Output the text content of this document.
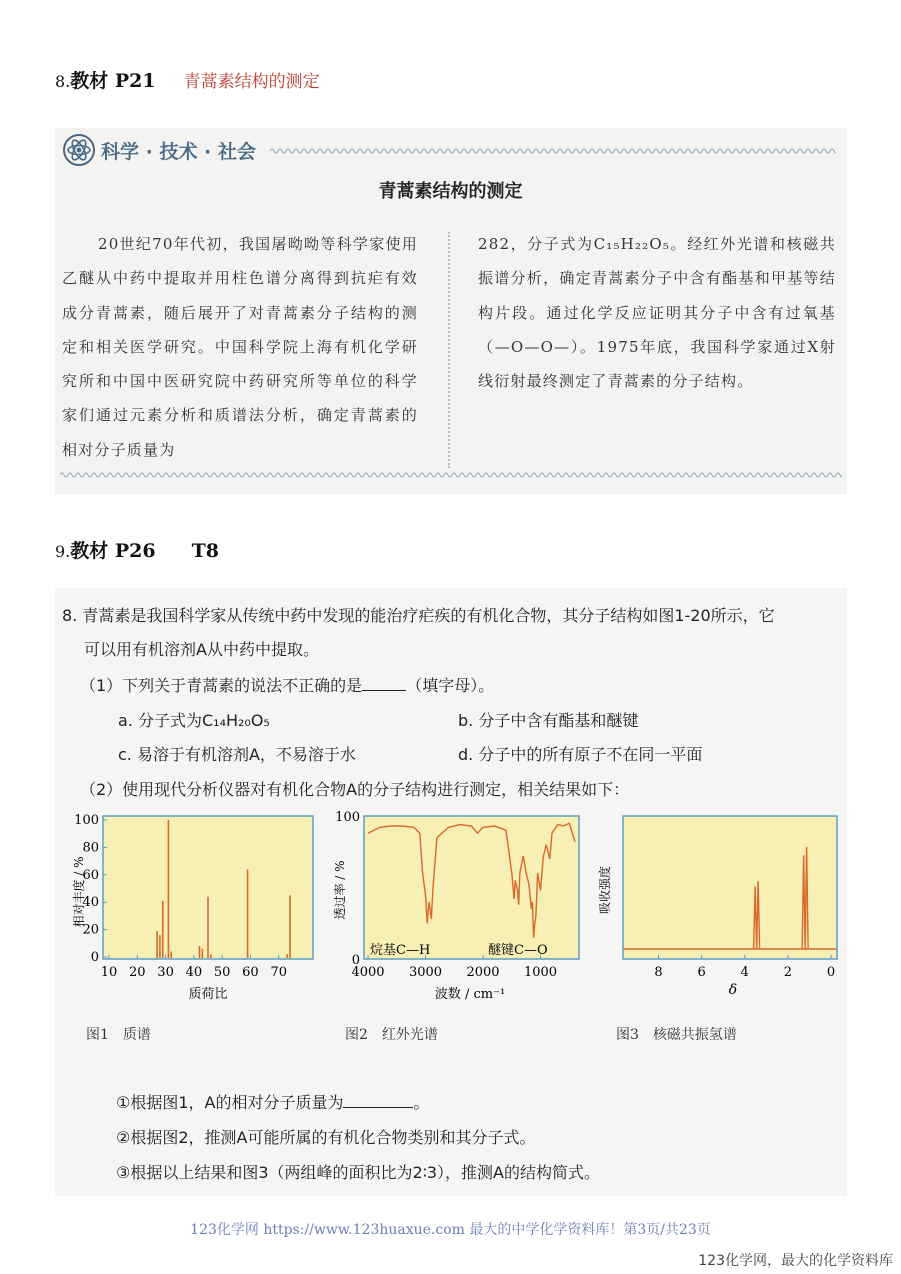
8.教材 P21 青蒿素结构的测定
科学 · 技术 · 社会
青蒿素结构的测定
20世纪70年代初，我国屠呦呦等科学家使用乙醚从中药中提取并用柱色谱分离得到抗疟有效成分青蒿素，随后展开了对青蒿素分子结构的测定和相关医学研究。中国科学院上海有机化学研究所和中国中医研究院中药研究所等单位的科学家们通过元素分析和质谱法分析，确定青蒿素的相对分子质量为
282，分子式为C₁₅H₂₂O₅。经红外光谱和核磁共振谱分析，确定青蒿素分子中含有酯基和甲基等结构片段。通过化学反应证明其分子中含有过氧基（—O—O—）。1975年底，我国科学家通过X射线衍射最终测定了青蒿素的分子结构。
9.教材 P26 T8
8. 青蒿素是我国科学家从传统中药中发现的能治疗疟疾的有机化合物，其分子结构如图1-20所示，它
可以用有机溶剂A从中药中提取。
（1）下列关于青蒿素的说法不正确的是	（填字母）。
a. 分子式为C₁₄H₂₀O₅	b. 分子中含有酯基和醚键
c. 易溶于有机溶剂A，不易溶于水	d. 分子中的所有原子不在同一平面
（2）使用现代分析仪器对有机化合物A的分子结构进行测定，相关结果如下：
10 20 30 40 50 60 70
0
20
40
60
80
100
相对丰度 / %
质荷比
4000 3000 2000 1000
0
100
透过率 / %
烷基C—H	醚键C—O
波数 / cm⁻¹
8	6	4	2	0
吸收强度
δ
图1　质谱	图2　红外光谱	图3　核磁共振氢谱
①根据图1，A的相对分子质量为	。
②根据图2，推测A可能所属的有机化合物类别和其分子式。
③根据以上结果和图3（两组峰的面积比为2∶3），推测A的结构简式。
123化学网 https://www.123huaxue.com 最大的中学化学资料库！第3页/共23页
123化学网，最大的化学资料库
